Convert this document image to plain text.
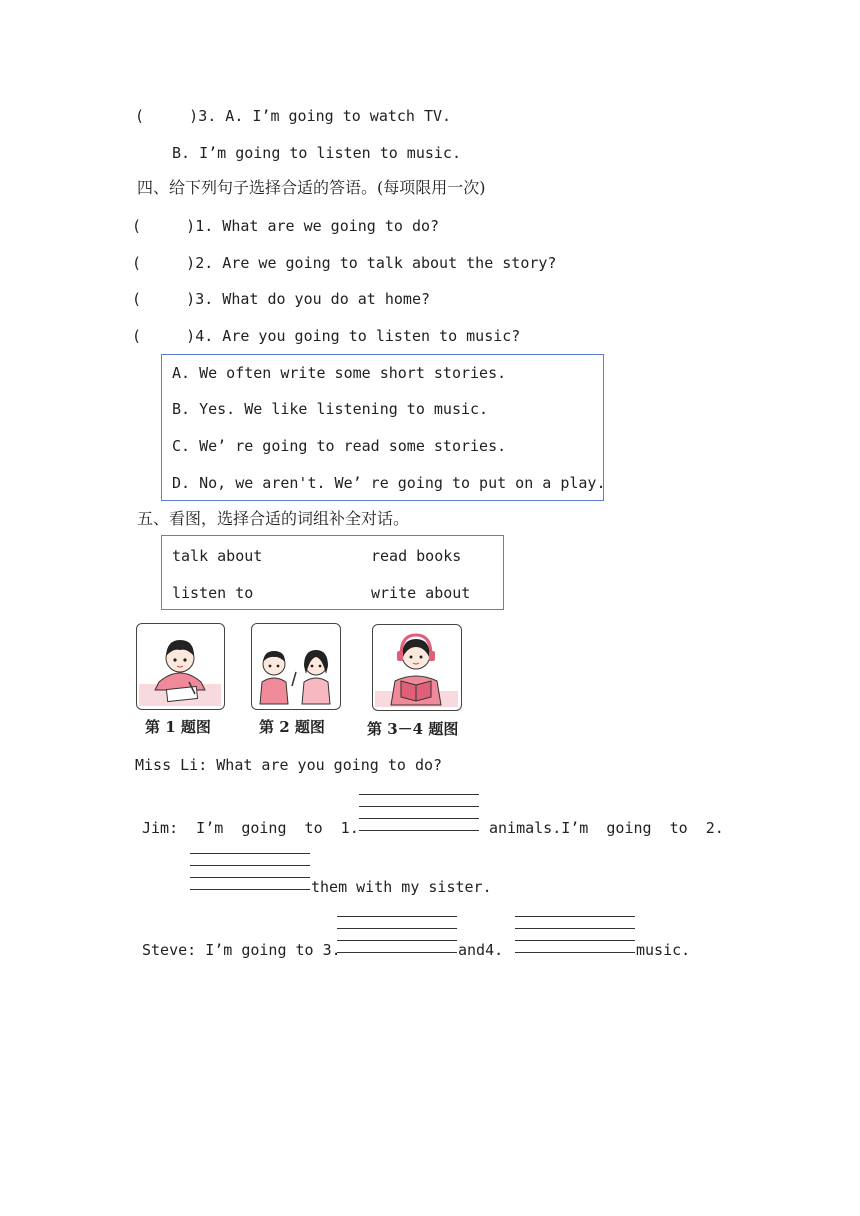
(     )3. A. I’m going to watch TV.
B. I’m going to listen to music.
四、给下列句子选择合适的答语。(每项限用一次)
(     )1. What are we going to do?
(     )2. Are we going to talk about the story?
(     )3. What do you do at home?
(     )4. Are you going to listen to music?
A. We often write some short stories.
B. Yes. We like listening to music.
C. We’ re going to read some stories.
D. No, we aren't. We’ re going to put on a play.
五、看图，选择合适的词组补全对话。
talk about	read books
listen to	write about
第 1 题图	第 2 题图	第 3－4 题图
Miss Li: What are you going to do?
Jim:  I’m  going  to  1.	animals.I’m  going  to  2.
them with my sister.
Steve: I’m going to 3.	and4.	music.
